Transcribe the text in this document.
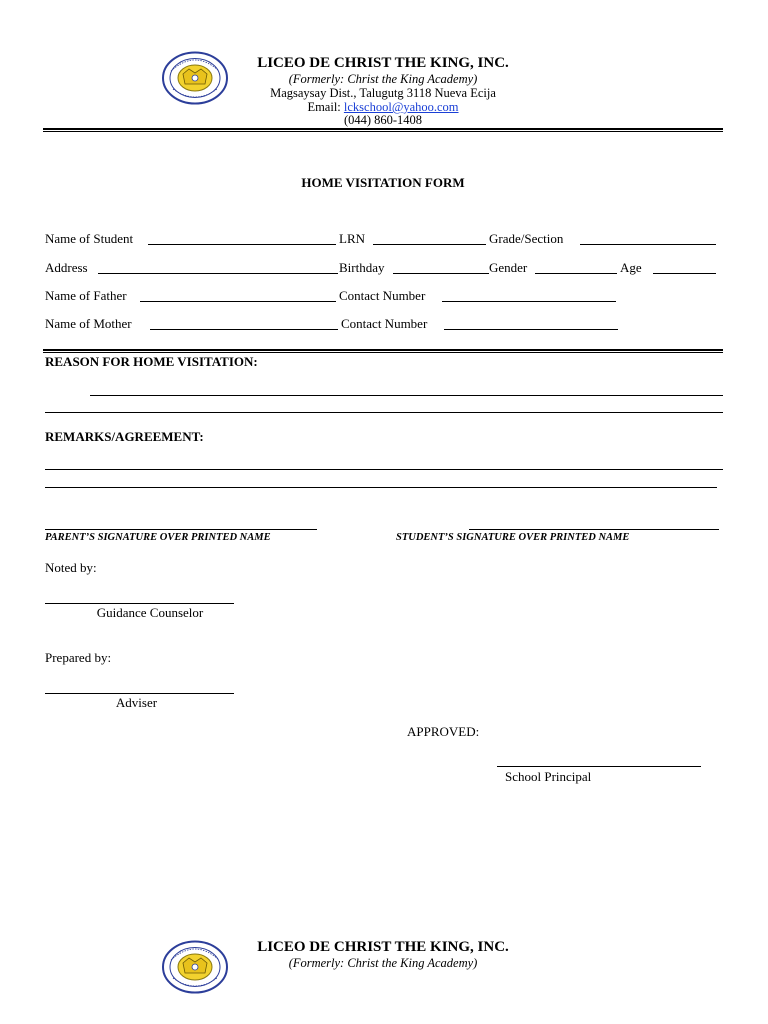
LICEO DE CHRIST THE KING, INC.
(Formerly: Christ the King Academy)
Magsaysay Dist., Talugutg 3118 Nueva Ecija
Email: lckschool@yahoo.com
(044) 860-1408
HOME VISITATION FORM
Name of Student	LRN	Grade/Section
Address	Birthday	Gender	Age
Name of Father	Contact Number
Name of Mother	Contact Number
REASON FOR HOME VISITATION:
REMARKS/AGREEMENT:
PARENT’S SIGNATURE OVER PRINTED NAME	STUDENT’S SIGNATURE OVER PRINTED NAME
Noted by:
Guidance Counselor
Prepared by:
Adviser
APPROVED:
School Principal
LICEO DE CHRIST THE KING, INC.
(Formerly: Christ the King Academy)
